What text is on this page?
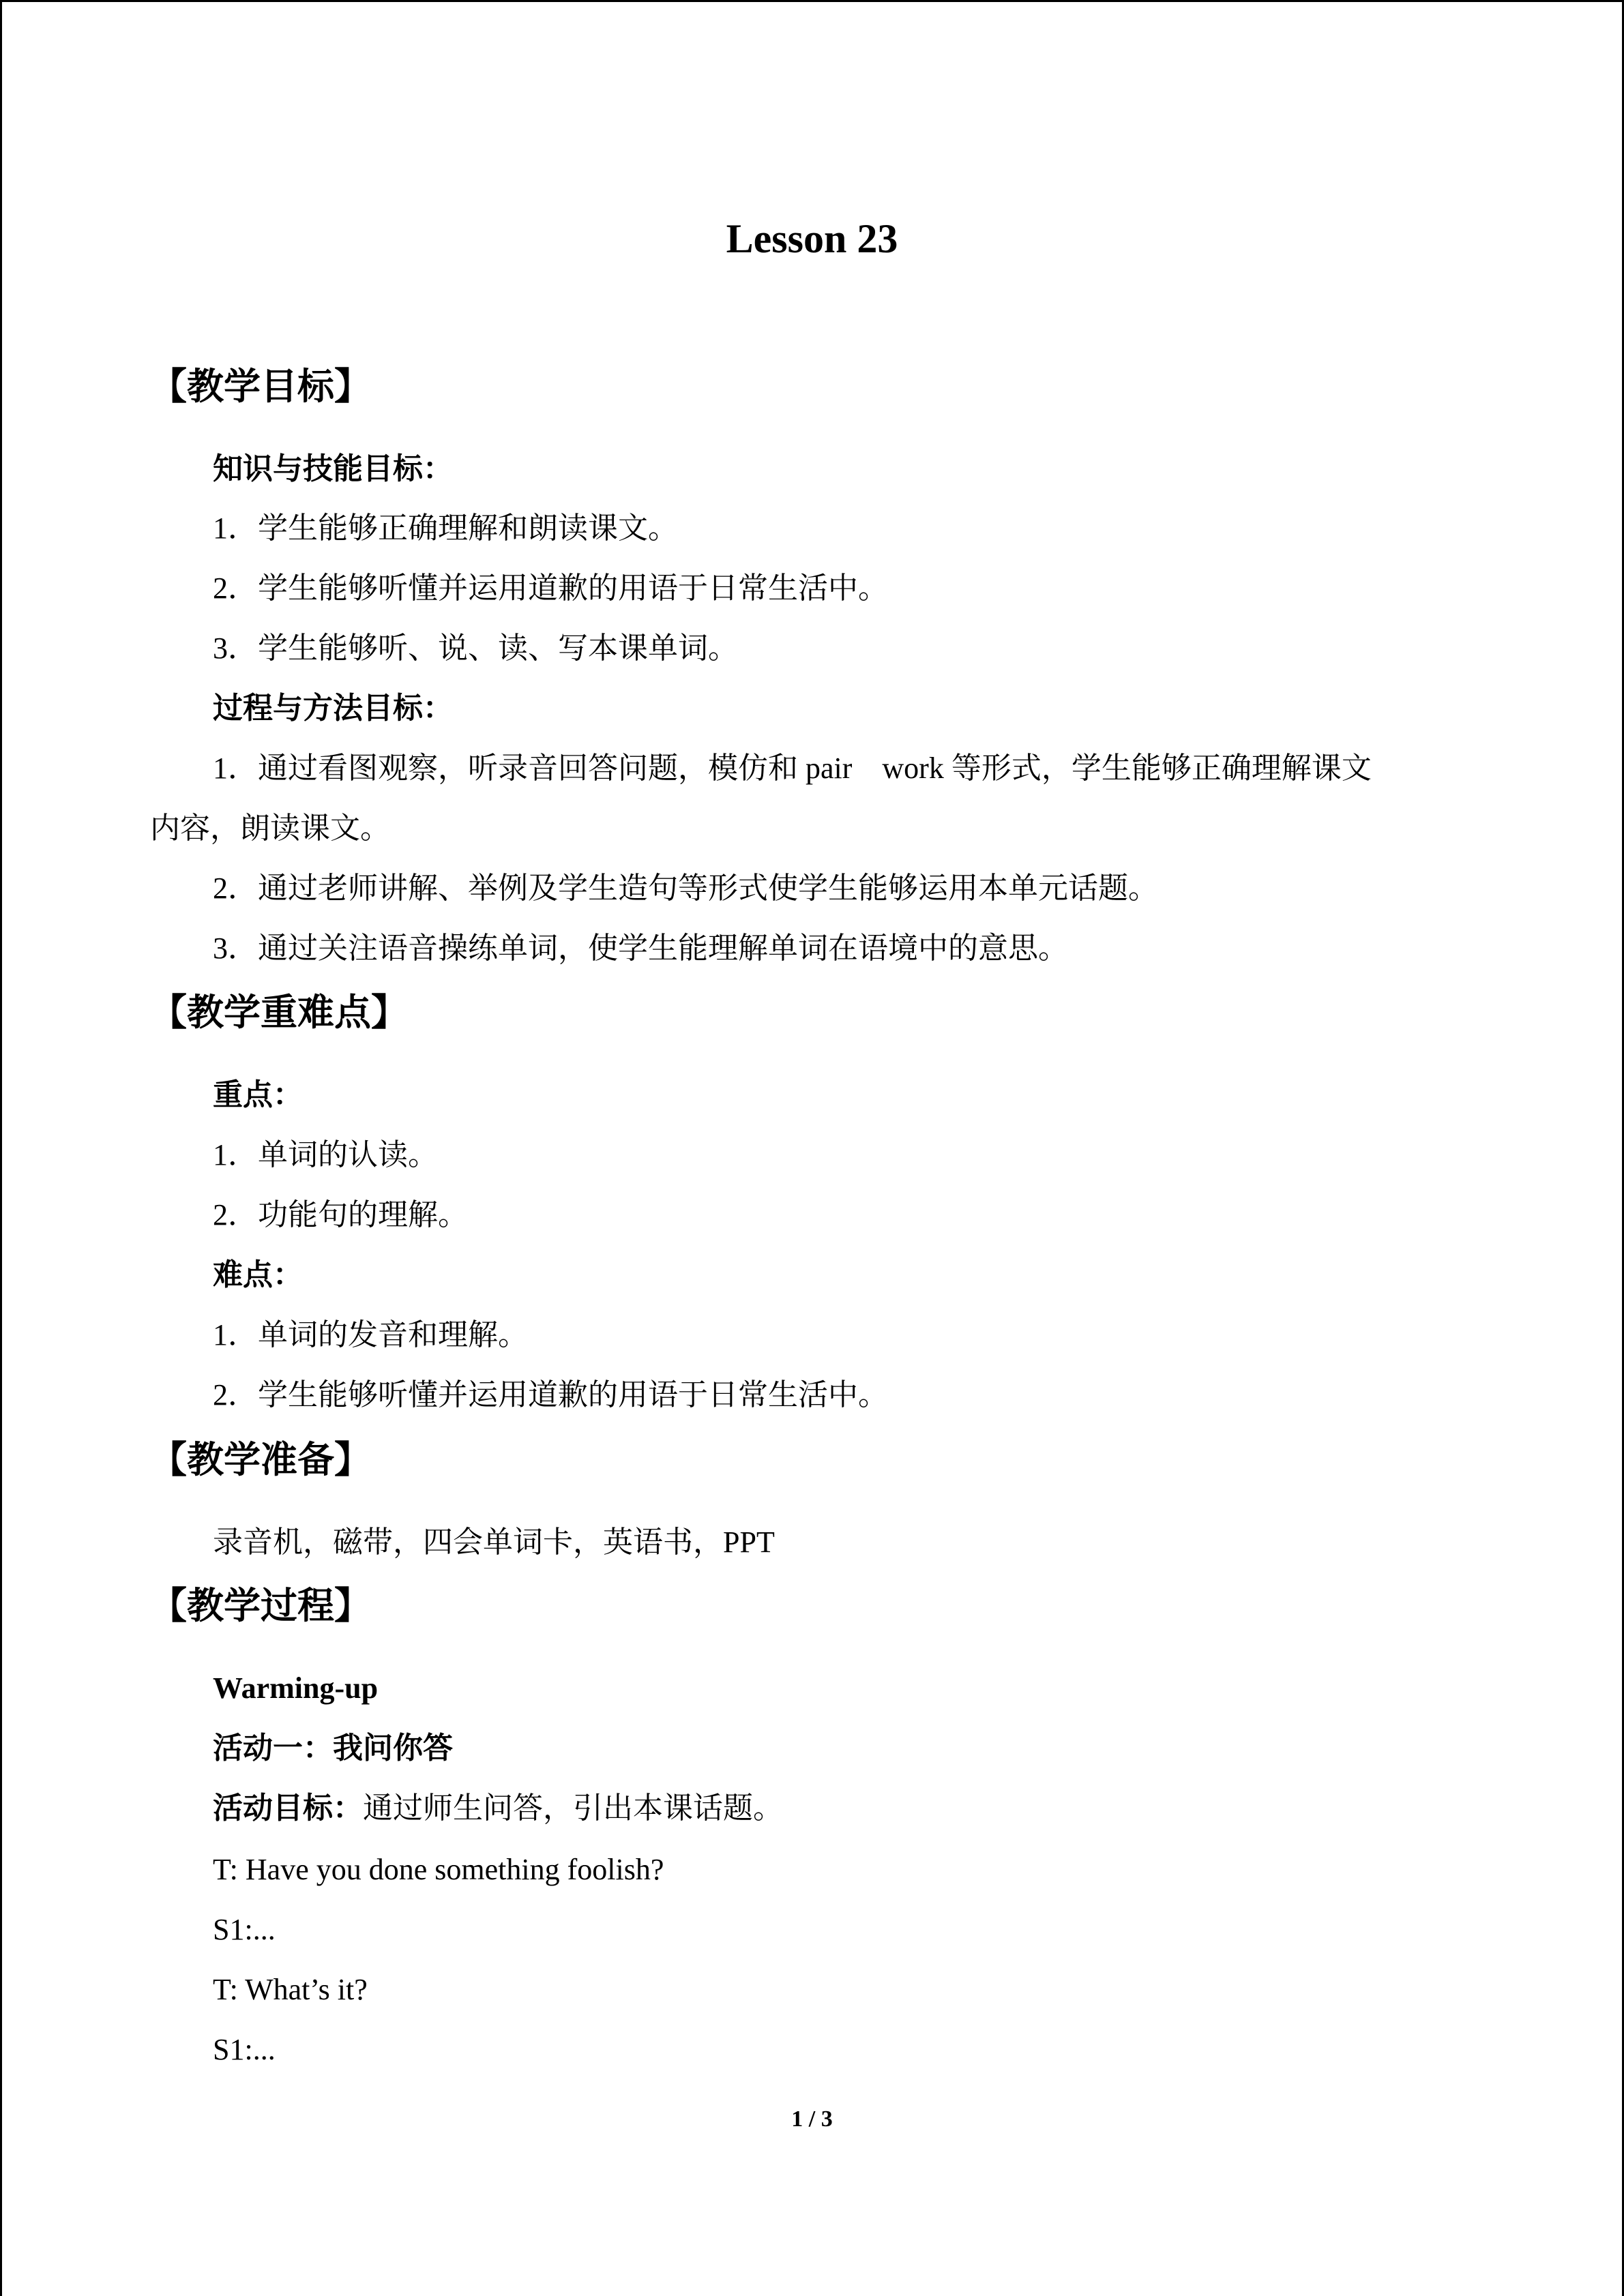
Lesson 23
【教学目标】
知识与技能目标：
1．学生能够正确理解和朗读课文。
2．学生能够听懂并运用道歉的用语于日常生活中。
3．学生能够听、说、读、写本课单词。
过程与方法目标：
1．通过看图观察，听录音回答问题，模仿和 pair　work 等形式，学生能够正确理解课文
内容，朗读课文。
2．通过老师讲解、举例及学生造句等形式使学生能够运用本单元话题。
3．通过关注语音操练单词，使学生能理解单词在语境中的意思。
【教学重难点】
重点：
1．单词的认读。
2．功能句的理解。
难点：
1．单词的发音和理解。
2．学生能够听懂并运用道歉的用语于日常生活中。
【教学准备】
录音机，磁带，四会单词卡，英语书，PPT
【教学过程】
Warming-up
活动一：我问你答
活动目标：通过师生问答，引出本课话题。
T: Have you done something foolish?
S1:...
T: What’s it?
S1:...
1 / 3
